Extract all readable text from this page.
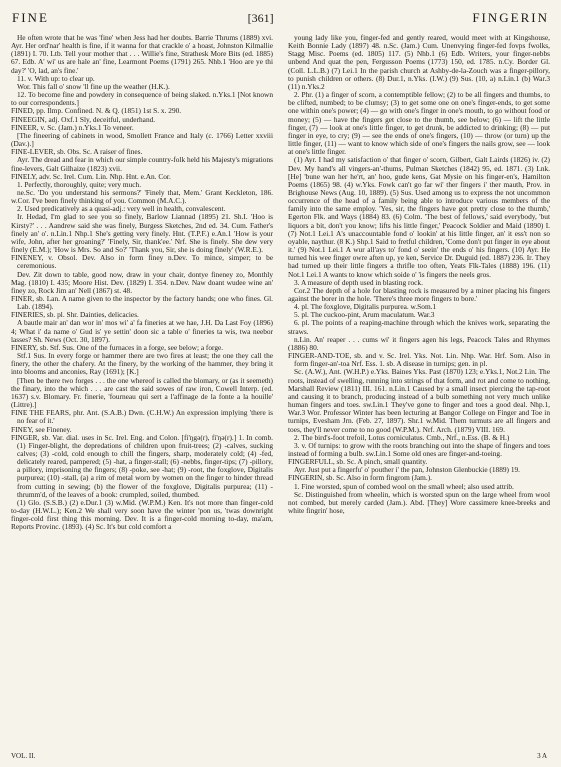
FINE	[361]	FINGERIN

He often wrote that he was 'fine' when Jess had her doubts. Barrie Thrums (1889) xvi. Ayr. Her ord'nar' health is fine, if it wanna for that crackle o' a hoast, Johnston Kilmallie (1891) I. 70. Ltb. Tell your mother that . . . Willie's fine, Strathesk More Bits (ed. 1885) 67. Edb. A' wi' us are hale an' fine, Learmont Poems (1791) 265. Nhb.1 'Hoo are ye thi day?' 'O, lad, an's fine.'

11. v. With up: to clear up.

Wor. This fall o' snow 'll fine up the weather (H.K.).

12. To become fine and powdery in consequence of being slaked. n.Yks.1 [Not known to our correspondents.]

FINED, pp. Ilmp. Confined. N. & Q. (1851) 1st S. x. 290.

FINEEGIN, adj. Oxf.1 Sly, deceitful, underhand.

FINEER, v. Sc. (Jam.) n.Yks.1 To veneer.

[The fineering of cabinets in wood, Smollett France and Italy (c. 1766) Letter xxviii (Dav.).]

FINE-LEVER, sb. Obs. Sc. A raiser of fines.

Ayr. The dread and fear in which our simple country-folk held his Majesty's migrations fine-levers, Galt Gilhaize (1823) xvii.

FINELY, adv. Sc. Irel. Cum. Lin. Nhp. Hnt. e.An. Cor.

1. Perfectly, thoroughly, quite; very much.

ne.Sc. 'Do you understand his sermons?' 'Finely that, Mem.' Grant Keckleton, 186. w.Cor. I've been finely thinking of you. Common (M.A.C.).

2. Used predicatively as a quasi-adj.: very well in health, convalescent.

Ir. Hedad, I'm glad to see you so finely, Barlow Liannad (1895) 21. Sh.I. 'Hoo is Kirsty?' . . . Aandrew said she was finely, Burgess Sketches, 2nd ed. 34. Cum. Father's finely an' o'. n.Lin.1 Nhp.1 She's getting very finely. Hnt. (T.P.F.) e.An.1 'How is your wife, John, after her groaning?' 'Finely, Sir, thank'ee.' Nrf. She is finely. She dew very finely (E.M.); 'How is Mrs. So and So?' 'Thank you, Sir, she is doing finely' (W.R.E.).

FINENEY, v. Obsol. Dev. Also in form finey n.Dev. To mince, simper; to be ceremonious.

Dev. Zit down to table, good now, draw in your chair, dontye fineney zo, Monthly Mag. (1810) I. 435; Moore Hist. Dev. (1829) I. 354. n.Dev. Naw doant wudee wine an' finey zo, Rock Jim an' Nell (1867) st. 48.

FINER, sb. Lan. A name given to the inspector by the factory hands; one who fines. Gl. Lab. (1894).

FINERIES, sb. pl. Shr. Dainties, delicacies.

A bautle mair an' dan wor in' mos wi' a' fa fineries at we hae, J.H. Da Last Foy (1896) 4; What i' da name o' Gud is' ye settin' doon sic a table o' fineries ta wis, twa neebor lasses? Sh. News (Oct. 30, 1897).

FINERY, sb. Stf. Sus. One of the furnaces in a forge, see below; a forge.

Stf.1 Sus. In every forge or hammer there are two fires at least; the one they call the finery, the other the chafery. At the finery, by the working of the hammer, they bring it into blooms and anconies, Ray (1691); [K.]

[Then be there two forges . . . the one whereof is called the blomary, or (as it seemeth) the finary, into the which . . . are cast the said sowes of raw iron, Cowell Interp. (ed. 1637) s.v. Blomary. Fr. finerie, 'fourneau qui sert a l'affinage de la fonte a la houille' (Littre).]

FINE THE FEARS, phr. Ant. (S.A.B.) Dwn. (C.H.W.) An expression implying 'there is no fear of it.'

FINEY, see Fineney.

FINGER, sb. Var. dial. uses in Sc. Irel. Eng. and Colon. [fi'ŋgə(r), fi'ŋə(r).] 1. In comb. (1) Finger-blight, the depredations of children upon fruit-trees; (2) -calves, sucking calves; (3) -cold, cold enough to chill the fingers, sharp, moderately cold; (4) -fed, delicately reared, pampered; (5) -hat, a finger-stall; (6) -nebbs, finger-tips; (7) -pillory, a pillory, imprisoning the fingers; (8) -poke, see -hat; (9) -root, the foxglove, Digitalis purpurea; (10) -stall, (a) a rim of metal worn by women on the finger to hinder thread from cutting in sewing; (b) the flower of the foxglove, Digitalis purpurea; (11) -thrumm'd, of the leaves of a book: crumpled, soiled, thumbed.

(1) Glo. (S.S.B.) (2) e.Dur.1 (3) w.Mid. (W.P.M.) Ken. It's not more than finger-cold to-day (H.W.L.); Ken.2 We shall very soon have the winter 'pon us, 'twas downright finger-cold first thing this morning. Dev. It is a finger-cold morning to-day, ma'am, Reports Provinc. (1893). (4) Sc. It's but cold comfort a

young lady like you, finger-fed and gently reared, would meet with at Kingshouse, Keith Bonnie Lady (1897) 48. n.Sc. (Jam.) Cum. Unenvying finger-fed fovps fwolks, Stagg Misc. Poems (ed. 1805) 117. (5) Nhb.1 (6) Edb. Writers, your finger-nebbs unbend And quat the pen, Fergusson Poems (1773) 150, ed. 1785. n.Cy. Border Gl. (Coll. L.L.B.) (7) Lei.1 In the parish church at Ashby-de-la-Zouch was a finger-pillory, to punish children or others. (8) Dur.1, n.Yks. (I.W.) (9) Sus. (10, a) n.Lin.1 (b) War.3 (11) n.Yks.2

2. Phr. (1) a finger of scorn, a contemptible fellow; (2) to be all fingers and thumbs, to be clifted, numbed; to be clumsy; (3) to get some one on one's finger-ends, to get some one within one's power; (4) — go with one's finger in one's mouth, to go without food or money; (5) — have the fingers get close to the thumb, see below; (6) — lift the little finger, (7) — look at one's little finger, to get drunk, be addicted to drinking; (8) — put finger in eye, to cry; (9) — see the ends of one's fingers, (10) — throw (or turn) up the little finger, (11) — want to know which side of one's fingers the nails grow, see — look at one's little finger.

(1) Ayr. I had my satisfaction o' that finger o' scorn, Gilbert, Galt Lairds (1826) iv. (2) Dev. My hand's all vingers-an'-thums, Pulman Sketches (1842) 95, ed. 1871. (3) Lnk. [He] 'bune wan her he'rt, an' hoo, gude kens, Gat Mysie on his finger-en's, Hamilton Poems (1865) 98. (4) w.Yks. Fowk can't go far wi' ther fingers i' ther mauth, Prov. in Brighouse News (Aug. 10, 1889). (5) Sus. Used among us to express the not uncommon occurrence of the head of a family being able to introduce various members of the family into the same employ. 'Yes, sir, the fingers have got pretty close to the thumb,' Egerton Flk. and Ways (1884) 83. (6) Colm. 'The best of fellows,' said everybody, 'but liquors a bit, don't you know; lifts his little finger,' Peacock Soldier and Maid (1890) I. (7) Not.1 Lei.1 A's unaccountable fond o' lookin' at his little finger, an' it ess't non so oyable, naythur. (8 K.) Shp.1 Said to fretful children, 'Come don't put finger in eye about it.' (9) Not.1 Lei.1 A wur all'ays to' fond o' seein' the ends o' his fingers. (10) Ayr. He turned his wee finger owre aften up, ye ken, Service Dr. Duguid (ed. 1887) 236. Ir. They had turned up their little fingers a thrifle too often, Yeats Flk-Tales (1888) 196. (11) Not.1 Lei.1 A wants to know which soide o' 'is fingers the neels gros.

3. A measure of depth used in blasting rock.

Cor.2 The depth of a hole for blasting rock is measured by a miner placing his fingers against the borer in the hole. 'There's three more fingers to bore.'

4. pl. The foxglove, Digitalis purpurea. w.Som.1

5. pl. The cuckoo-pint, Arum maculatum. War.3

6. pl. The points of a reaping-machine through which the knives work, separating the straws.

n.Lin. An' reaper . . . cums wi' it fingers agen his legs, Peacock Tales and Rhymes (1886) 80.

FINGER-AND-TOE, sb. and v. Sc. Irel. Yks. Not. Lin. Nhp. War. Hrf. Som. Also in form finger-an'-toa Nrf. Ess. 1. sb. A disease in turnips; gen. in pl.

Sc. (A.W.), Ant. (W.H.P.) e.Yks. Baines Yks. Past (1870) 123; e.Yks.1, Not.2 Lin. The roots, instead of swelling, running into strings of that form, and rot and come to nothing, Marshall Review (1811) III. 161. n.Lin.1 Caused by a small insect piercing the tap-root and causing it to branch, producing instead of a bulb something not very much unlike human fingers and toes. sw.Lin.1 They've gone to finger and toes a good deal. Nhp.1, War.3 Wor. Professor Winter has been lecturing at Bangor College on Finger and Toe in turnips, Evesham Jrn. (Feb. 27, 1897). Shr.1 w.Mid. Them turmuts are all fingers and toes, they'll never come to no good (W.P.M.). Nrf. Arch. (1879) VIII. 169.

2. The bird's-foot trefoil, Lotus corniculatus. Cmb., Nrf., n.Ess. (B. & H.)

3. v. Of turnips: to grow with the roots branching out into the shape of fingers and toes instead of forming a bulb. sw.Lin.1 Some old ones are finger-and-toeing.

FINGERFULL, sb. Sc. A pinch, small quantity.

Ayr. Just put a fingerfu' o' pouther i' the pan, Johnston Glenbuckie (1889) 19.

FINGERIN, sb. Sc. Also in form fingrom (Jam.).

1. Fine worsted, spun of combed wool on the small wheel; also used attrib.

Sc. Distinguished from wheelin, which is worsted spun on the large wheel from wool not combed, but merely carded (Jam.). Abd. [They] Wore cassimere knee-breeks and white fingrin' hose,

VOL. II.	3 A
